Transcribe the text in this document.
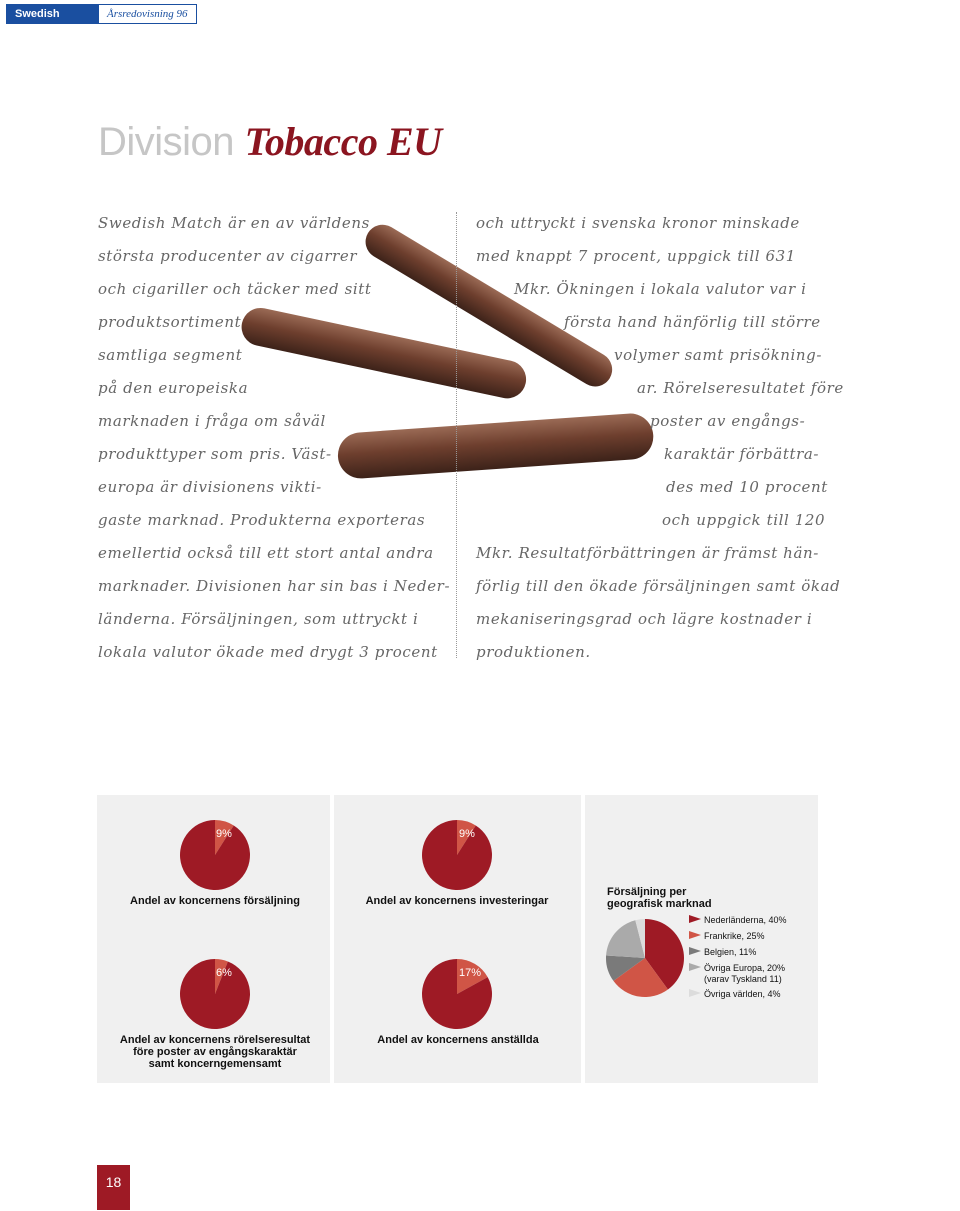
Swedish Match
Årsredovisning 96
Division Tobacco EU
Swedish Match är en av världens
största producenter av cigarrer
och cigariller och täcker med sitt
produktsortiment
samtliga segment
på den europeiska
marknaden i fråga om såväl
produkttyper som pris. Väst-
europa är divisionens vikti-
gaste marknad. Produkterna exporteras
emellertid också till ett stort antal andra
marknader. Divisionen har sin bas i Neder-
länderna. Försäljningen, som uttryckt i
lokala valutor ökade med drygt 3 procent
och uttryckt i svenska kronor minskade
med knappt 7 procent, uppgick till 631
Mkr. Ökningen i lokala valutor var i
första hand hänförlig till större
volymer samt prisökning-
ar. Rörelseresultatet före
poster av engångs-
karaktär förbättra-
des med 10 procent
och uppgick till 120
Mkr. Resultatförbättringen är främst hän-
förlig till den ökade försäljningen samt ökad
mekaniseringsgrad och lägre kostnader i
produktionen.
9%
Andel av koncernens försäljning
9%
Andel av koncernens investeringar
6%
Andel av koncernens rörelseresultat
före poster av engångskaraktär
samt koncerngemensamt
17%
Andel av koncernens anställda
Försäljning per
geografisk marknad
Nederländerna, 40%
Frankrike, 25%
Belgien, 11%
Övriga Europa, 20%
(varav Tyskland 11)
Övriga världen, 4%
18
